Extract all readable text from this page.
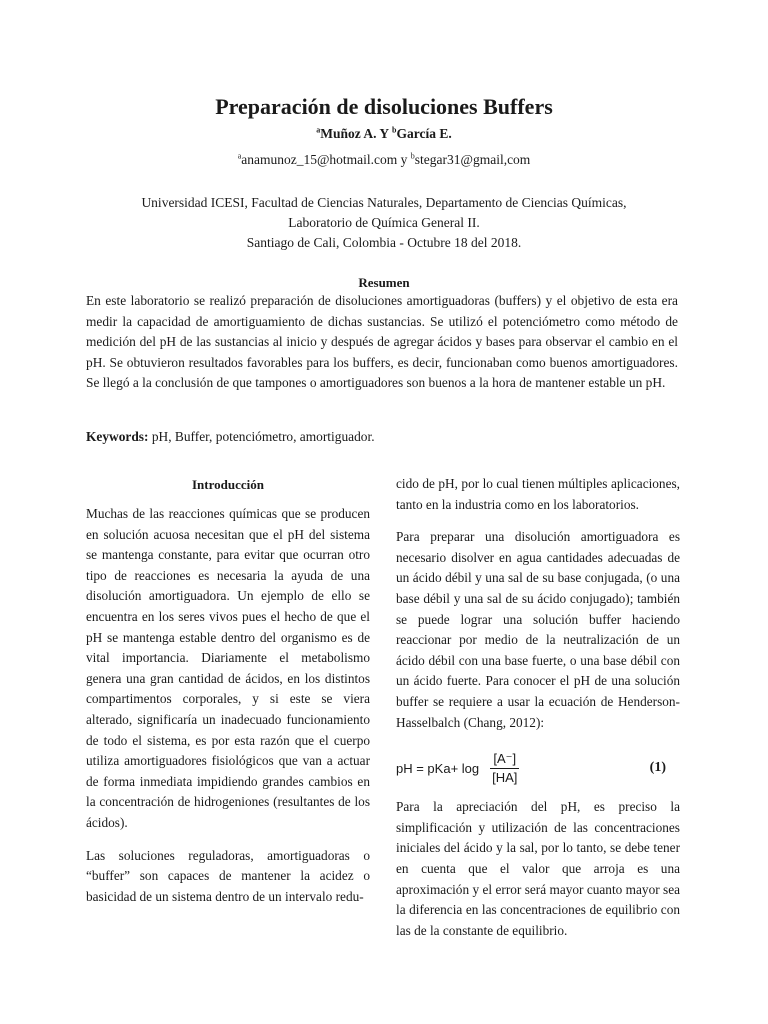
Preparación de disoluciones Buffers
$^a$Muñoz A. Y $^b$García E.
$^a$anamunoz_15@hotmail.com y $^b$stegar31@gmail,com
Universidad ICESI, Facultad de Ciencias Naturales, Departamento de Ciencias Químicas,
Laboratorio de Química General II.
Santiago de Cali, Colombia - Octubre 18 del 2018.
Resumen

En este laboratorio se realizó preparación de disoluciones amortiguadoras (buffers) y el objetivo de esta era medir la capacidad de amortiguamiento de dichas sustancias. Se utilizó el potenciómetro como método de medición del pH de las sustancias al inicio y después de agregar ácidos y bases para observar el cambio en el pH. Se obtuvieron resultados favorables para los buffers, es decir, funcionaban como buenos amortiguadores. Se llegó a la conclusión de que tampones o amortiguadores son buenos a la hora de mantener estable un pH.

Keywords: pH, Buffer, potenciómetro, amortiguador.

Introducción

Muchas de las reacciones químicas que se producen en solución acuosa necesitan que el pH del sistema se mantenga constante, para evitar que ocurran otro tipo de reacciones es necesaria la ayuda de una disolución amortiguadora. Un ejemplo de ello se encuentra en los seres vivos pues el hecho de que el pH se mantenga estable dentro del organismo es de vital importancia. Diariamente el metabolismo genera una gran cantidad de ácidos, en los distintos compartimentos corporales, y si este se viera alterado, significaría un inadecuado funcionamiento de todo el sistema, es por esta razón que el cuerpo utiliza amortiguadores fisiológicos que van a actuar de forma inmediata impidiendo grandes cambios en la concentración de hidrogeniones (resultantes de los ácidos).

Las soluciones reguladoras, amortiguadoras o “buffer” son capaces de mantener la acidez o basicidad de un sistema dentro de un intervalo redu-

cido de pH, por lo cual tienen múltiples aplicaciones, tanto en la industria como en los laboratorios.

Para preparar una disolución amortiguadora es necesario disolver en agua cantidades adecuadas de un ácido débil y una sal de su base conjugada, (o una base débil y una sal de su ácido conjugado); también se puede lograr una solución buffer haciendo reaccionar por medio de la neutralización de un ácido débil con una base fuerte, o una base débil con un ácido fuerte. Para conocer el pH de una solución buffer se requiere a usar la ecuación de Henderson-Hasselbalch (Chang, 2012):

pH = $pKa+ \log \frac{[A^-]}{[HA]}$	(1)

Para la apreciación del pH, es preciso la simplificación y utilización de las concentraciones iniciales del ácido y la sal, por lo tanto, se debe tener en cuenta que el valor que arroja es una aproximación y el error será mayor cuanto mayor sea la diferencia en las concentraciones de equilibrio con las de la constante de equilibrio.
